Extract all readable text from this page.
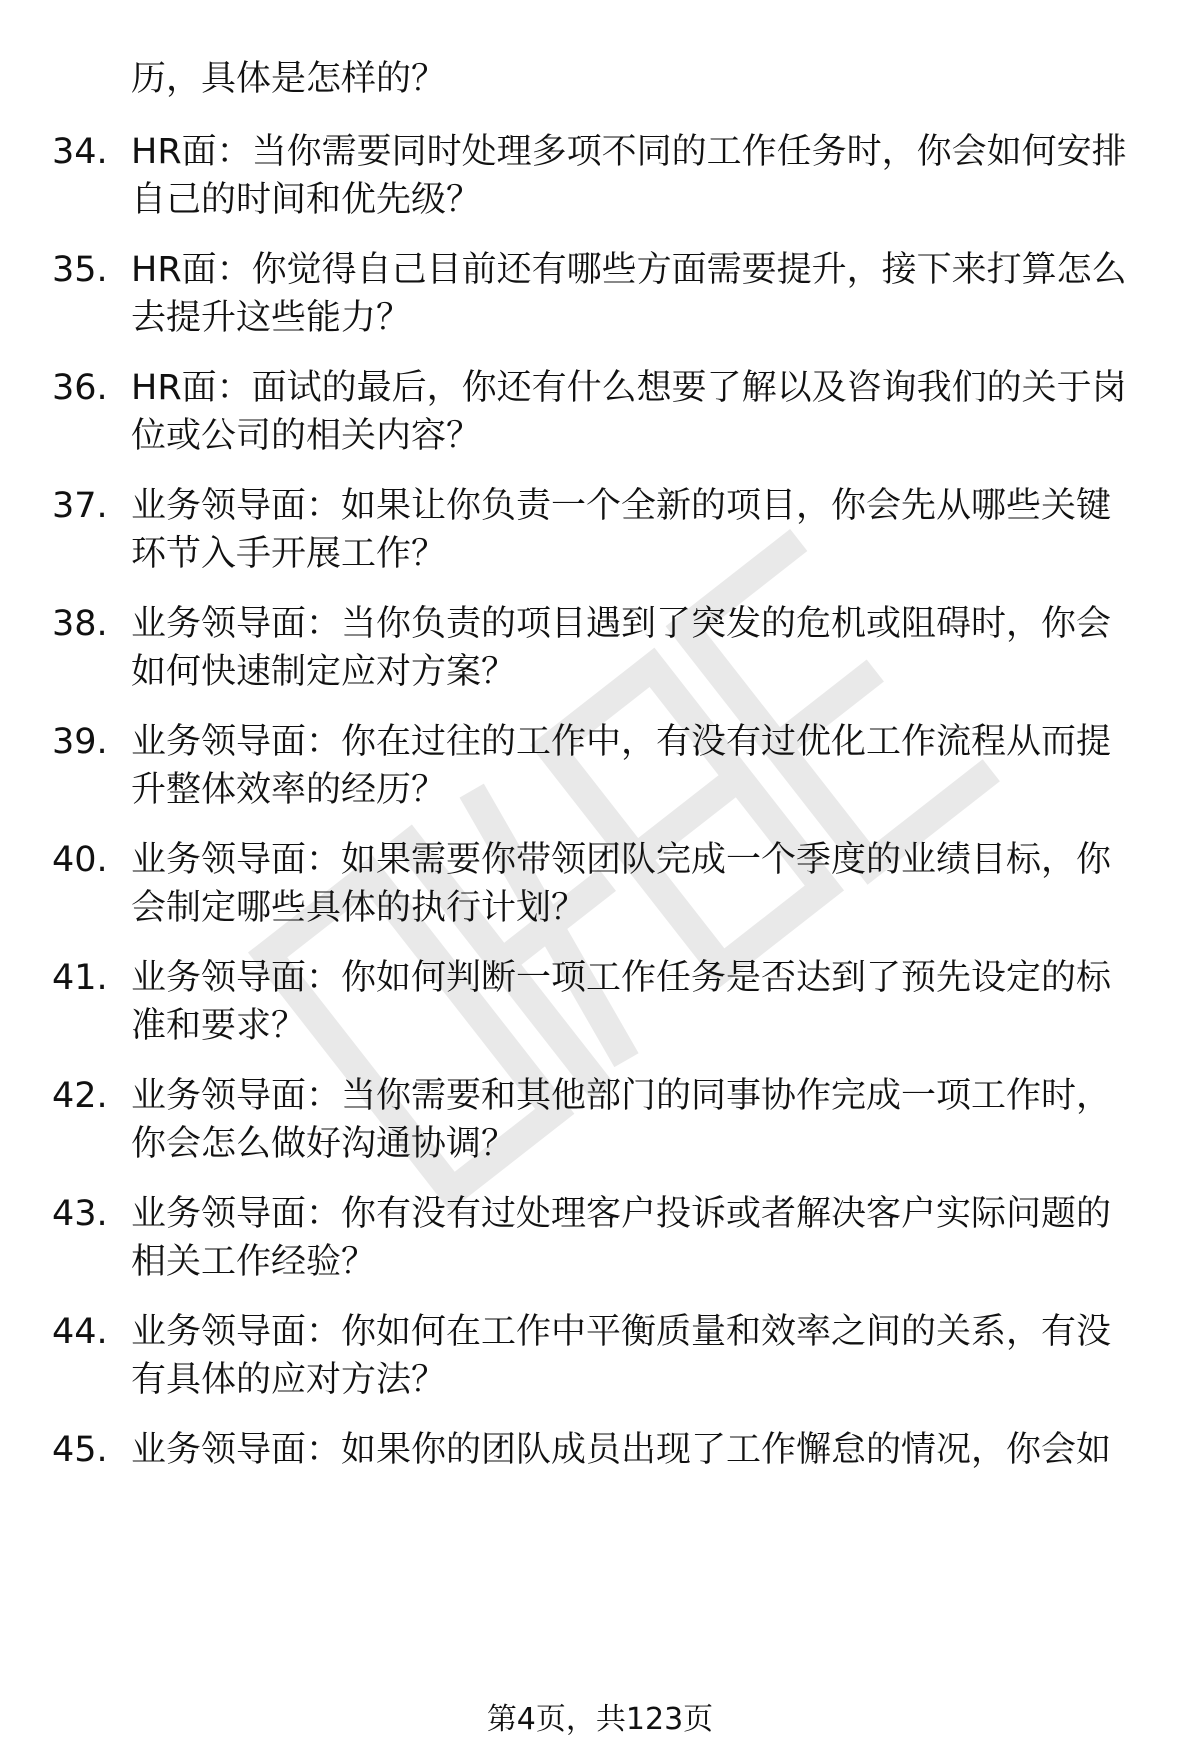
历，具体是怎样的？
34. HR面：当你需要同时处理多项不同的工作任务时，你会如何安排
自己的时间和优先级？
35. HR面：你觉得自己目前还有哪些方面需要提升，接下来打算怎么
去提升这些能力？
36. HR面：面试的最后，你还有什么想要了解以及咨询我们的关于岗
位或公司的相关内容？
37. 业务领导面：如果让你负责一个全新的项目，你会先从哪些关键
环节入手开展工作？
38. 业务领导面：当你负责的项目遇到了突发的危机或阻碍时，你会
如何快速制定应对方案？
39. 业务领导面：你在过往的工作中，有没有过优化工作流程从而提
升整体效率的经历？
40. 业务领导面：如果需要你带领团队完成一个季度的业绩目标，你
会制定哪些具体的执行计划？
41. 业务领导面：你如何判断一项工作任务是否达到了预先设定的标
准和要求？
42. 业务领导面：当你需要和其他部门的同事协作完成一项工作时，
你会怎么做好沟通协调？
43. 业务领导面：你有没有过处理客户投诉或者解决客户实际问题的
相关工作经验？
44. 业务领导面：你如何在工作中平衡质量和效率之间的关系，有没
有具体的应对方法？
45. 业务领导面：如果你的团队成员出现了工作懈怠的情况，你会如
第4页，共123页
